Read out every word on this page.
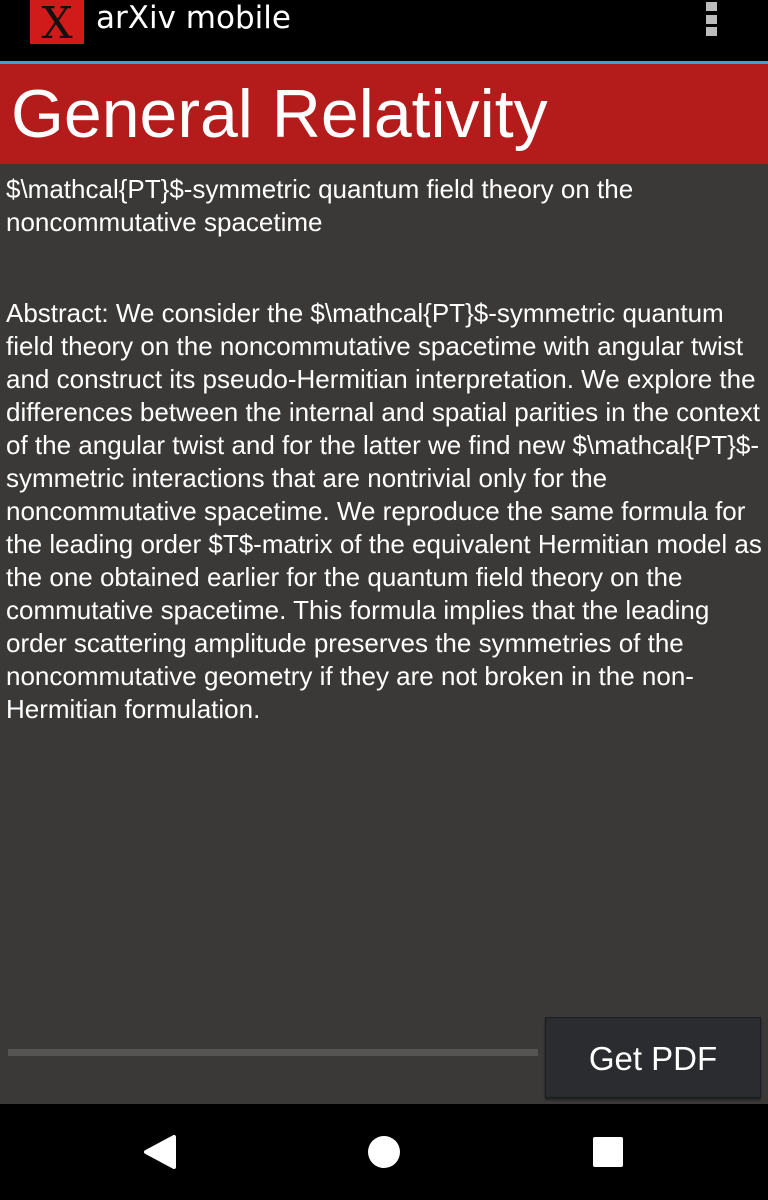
X arXiv mobile
General Relativity
$\mathcal{PT}$-symmetric quantum field theory on the noncommutative spacetime
Abstract: We consider the $\mathcal{PT}$-symmetric quantum field theory on the noncommutative spacetime with angular twist and construct its pseudo-Hermitian interpretation. We explore the differences between the internal and spatial parities in the context of the angular twist and for the latter we find new $\mathcal{PT}$-symmetric interactions that are nontrivial only for the noncommutative spacetime. We reproduce the same formula for the leading order $T$-matrix of the equivalent Hermitian model as the one obtained earlier for the quantum field theory on the commutative spacetime. This formula implies that the leading order scattering amplitude preserves the symmetries of the noncommutative geometry if they are not broken in the non-Hermitian formulation.
Get PDF
